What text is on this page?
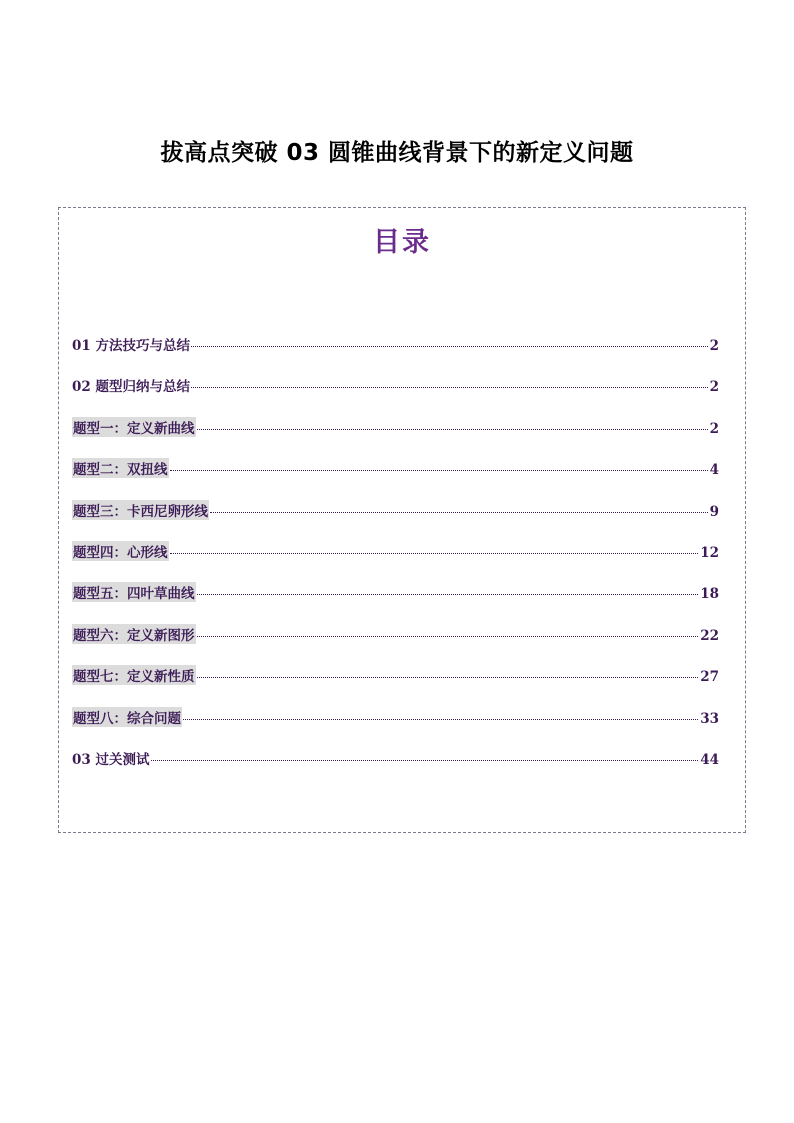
拔高点突破 03 圆锥曲线背景下的新定义问题
目录
01 方法技巧与总结	2
02 题型归纳与总结	2
题型一：定义新曲线	2
题型二：双扭线	4
题型三：卡西尼卵形线	9
题型四：心形线	12
题型五：四叶草曲线	18
题型六：定义新图形	22
题型七：定义新性质	27
题型八：综合问题	33
03 过关测试	44
